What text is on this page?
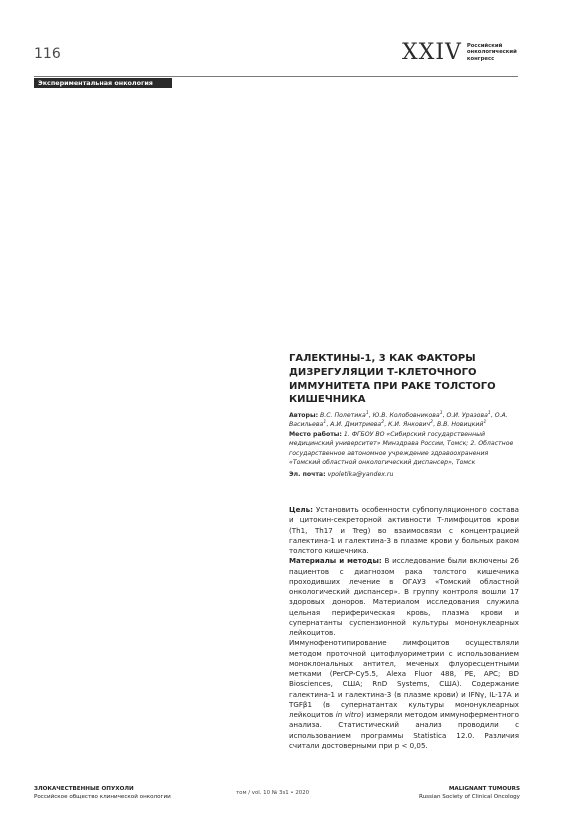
116	XXIV Российский
онкологический
конгресс
Экспериментальная онкология
ГАЛЕКТИНЫ-1, 3 КАК ФАКТОРЫ
ДИЗРЕГУЛЯЦИИ Т-КЛЕТОЧНОГО
ИММУНИТЕТА ПРИ РАКЕ ТОЛСТОГО
КИШЕЧНИКА

Авторы: В.С. Полетика$^1$, Ю.В. Колобовникова$^1$, О.И. Уразова$^1$, О.А. Васильева$^1$, А.И. Дмитриева$^2$, К.И. Янкович$^2$, В.В. Новицкий$^1$

Место работы: 1. ФГБОУ ВО «Сибирский государственный медицинский университет» Минздрава России, Томск; 2. Областное государственное автономное учреждение здравоохранения «Томский областной онкологический диспансер», Томск

Эл. почта: vpoletika@yandex.ru

Цель: Установить особенности субпопуляционного состава и цитокин-секреторной активности Т-лимфоцитов крови (Th1, Th17 и Treg) во взаимосвязи с концентрацией галектина-1 и галектина-3 в плазме крови у больных раком толстого кишечника.

Материалы и методы: В исследование были включены 26 пациентов с диагнозом рака толстого кишечника проходивших лечение в ОГАУЗ «Томский областной онкологический диспансер». В группу контроля вошли 17 здоровых доноров. Материалом исследования служила цельная периферическая кровь, плазма крови и супернатанты суспензионной культуры мононуклеарных лейкоцитов.

Иммунофенотипирование лимфоцитов осуществляли методом проточной цитофлуориметрии с использованием моноклональных антител, меченых флуоресцентными метками (PerCP-Cy5.5, Alexa Fluor 488, PE, APC; BD Biosciences, США; RnD Systems, США). Содержание галектина-1 и галектина-3 (в плазме крови) и IFNγ, IL-17A и TGFβ1 (в супернатантах культуры мононуклеарных лейкоцитов in vitro) измеряли методом иммуноферментного анализа. Статистический анализ проводили с использованием программы Statistica 12.0. Различия считали достоверными при p < 0,05.

ЗЛОКАЧЕСТВЕННЫЕ ОПУХОЛИ
Российское общество клинической онкологии
том / vol. 10 № 3s1 • 2020
MALIGNANT TUMOURS
Russian Society of Clinical Oncology
